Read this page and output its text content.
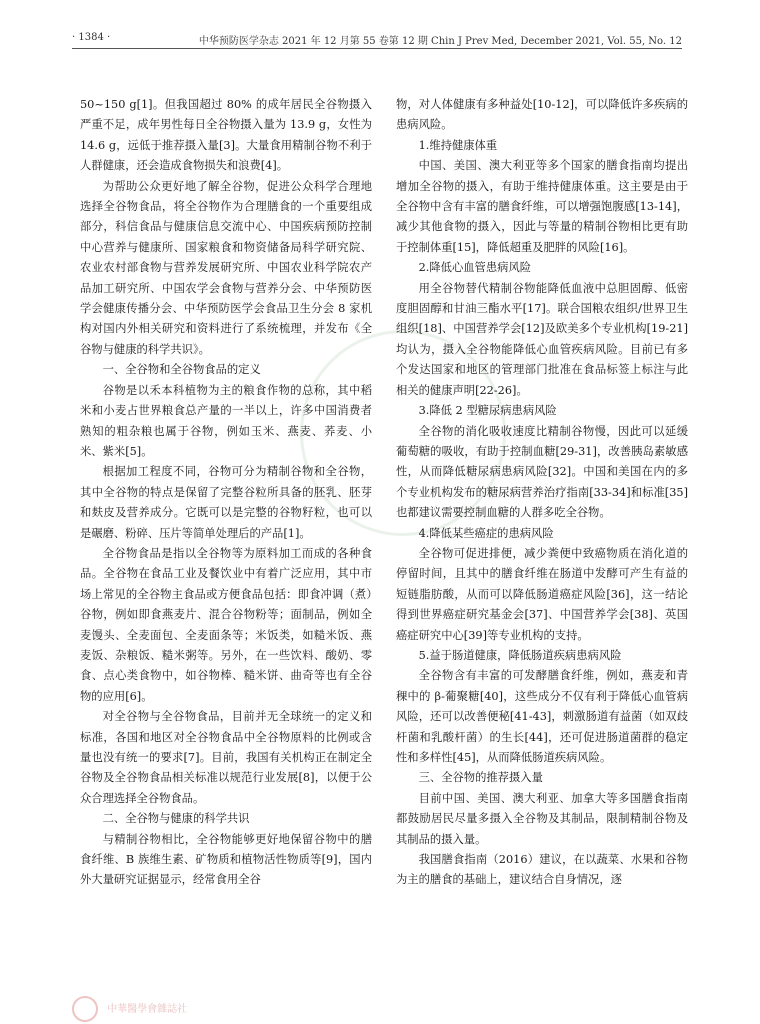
· 1384 ·	中华预防医学杂志 2021 年 12 月第 55 卷第 12 期 Chin J Prev Med, December 2021, Vol. 55, No. 12

50~150 g[1]。但我国超过 80% 的成年居民全谷物摄入严重不足，成年男性每日全谷物摄入量为 13.9 g，女性为 14.6 g，远低于推荐摄入量[3]。大量食用精制谷物不利于人群健康，还会造成食物损失和浪费[4]。

为帮助公众更好地了解全谷物，促进公众科学合理地选择全谷物食品，将全谷物作为合理膳食的一个重要组成部分，科信食品与健康信息交流中心、中国疾病预防控制中心营养与健康所、国家粮食和物资储备局科学研究院、农业农村部食物与营养发展研究所、中国农业科学院农产品加工研究所、中国农学会食物与营养分会、中华预防医学会健康传播分会、中华预防医学会食品卫生分会 8 家机构对国内外相关研究和资料进行了系统梳理，并发布《全谷物与健康的科学共识》。

一、全谷物和全谷物食品的定义

谷物是以禾本科植物为主的粮食作物的总称，其中稻米和小麦占世界粮食总产量的一半以上，许多中国消费者熟知的粗杂粮也属于谷物，例如玉米、燕麦、荞麦、小米、紫米[5]。

根据加工程度不同，谷物可分为精制谷物和全谷物，其中全谷物的特点是保留了完整谷粒所具备的胚乳、胚芽和麸皮及营养成分。它既可以是完整的谷物籽粒，也可以是碾磨、粉碎、压片等简单处理后的产品[1]。

全谷物食品是指以全谷物等为原料加工而成的各种食品。全谷物在食品工业及餐饮业中有着广泛应用，其中市场上常见的全谷物主食品或方便食品包括：即食冲调（煮）谷物，例如即食燕麦片、混合谷物粉等；面制品，例如全麦馒头、全麦面包、全麦面条等；米饭类，如糙米饭、燕麦饭、杂粮饭、糙米粥等。另外，在一些饮料、酸奶、零食、点心类食物中，如谷物棒、糙米饼、曲奇等也有全谷物的应用[6]。

对全谷物与全谷物食品，目前并无全球统一的定义和标准，各国和地区对全谷物食品中全谷物原料的比例或含量也没有统一的要求[7]。目前，我国有关机构正在制定全谷物及全谷物食品相关标准以规范行业发展[8]，以便于公众合理选择全谷物食品。

二、全谷物与健康的科学共识

与精制谷物相比，全谷物能够更好地保留谷物中的膳食纤维、B 族维生素、矿物质和植物活性物质等[9]，国内外大量研究证据显示，经常食用全谷

物，对人体健康有多种益处[10-12]，可以降低许多疾病的患病风险。

1.维持健康体重

中国、美国、澳大利亚等多个国家的膳食指南均提出增加全谷物的摄入，有助于维持健康体重。这主要是由于全谷物中含有丰富的膳食纤维，可以增强饱腹感[13-14]，减少其他食物的摄入，因此与等量的精制谷物相比更有助于控制体重[15]，降低超重及肥胖的风险[16]。

2.降低心血管患病风险

用全谷物替代精制谷物能降低血液中总胆固醇、低密度胆固醇和甘油三酯水平[17]。联合国粮农组织/世界卫生组织[18]、中国营养学会[12]及欧美多个专业机构[19-21]均认为，摄入全谷物能降低心血管疾病风险。目前已有多个发达国家和地区的管理部门批准在食品标签上标注与此相关的健康声明[22-26]。

3.降低 2 型糖尿病患病风险

全谷物的消化吸收速度比精制谷物慢，因此可以延缓葡萄糖的吸收，有助于控制血糖[29-31]，改善胰岛素敏感性，从而降低糖尿病患病风险[32]。中国和美国在内的多个专业机构发布的糖尿病营养治疗指南[33-34]和标准[35]也都建议需要控制血糖的人群多吃全谷物。

4.降低某些癌症的患病风险

全谷物可促进排便，减少粪便中致癌物质在消化道的停留时间，且其中的膳食纤维在肠道中发酵可产生有益的短链脂肪酸，从而可以降低肠道癌症风险[36]，这一结论得到世界癌症研究基金会[37]、中国营养学会[38]、英国癌症研究中心[39]等专业机构的支持。

5.益于肠道健康，降低肠道疾病患病风险

全谷物含有丰富的可发酵膳食纤维，例如，燕麦和青稞中的 β-葡聚糖[40]，这些成分不仅有利于降低心血管病风险，还可以改善便秘[41-43]，刺激肠道有益菌（如双歧杆菌和乳酸杆菌）的生长[44]，还可促进肠道菌群的稳定性和多样性[45]，从而降低肠道疾病风险。

三、全谷物的推荐摄入量

目前中国、美国、澳大利亚、加拿大等多国膳食指南都鼓励居民尽量多摄入全谷物及其制品，限制精制谷物及其制品的摄入量。

我国膳食指南（2016）建议，在以蔬菜、水果和谷物为主的膳食的基础上，建议结合自身情况，逐

中華醫學會雜誌社
